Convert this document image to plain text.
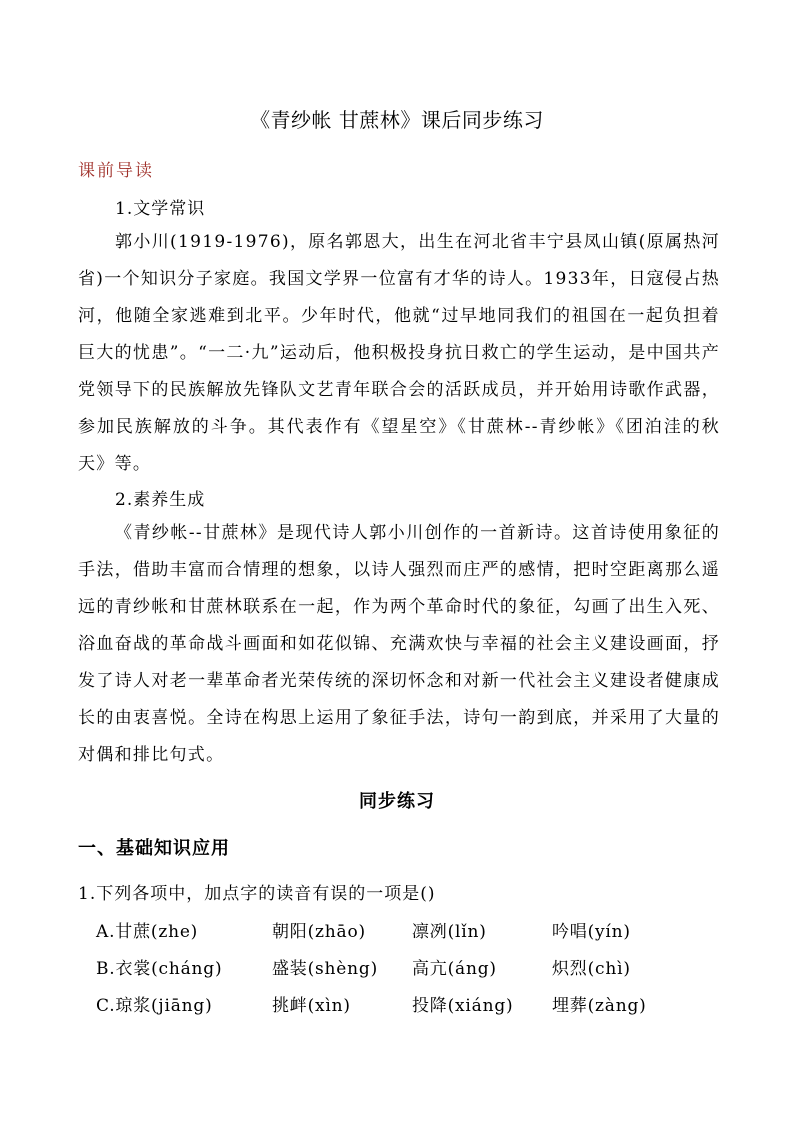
《青纱帐 甘蔗林》课后同步练习
课前导读
1.文学常识
郭小川(1919-1976)，原名郭恩大，出生在河北省丰宁县凤山镇(原属热河省)一个知识分子家庭。我国文学界一位富有才华的诗人。1933年，日寇侵占热河，他随全家逃难到北平。少年时代，他就“过早地同我们的祖国在一起负担着巨大的忧患”。“一二·九”运动后，他积极投身抗日救亡的学生运动，是中国共产党领导下的民族解放先锋队文艺青年联合会的活跃成员，并开始用诗歌作武器，参加民族解放的斗争。其代表作有《望星空》《甘蔗林--青纱帐》《团泊洼的秋天》等。
2.素养生成
《青纱帐--甘蔗林》是现代诗人郭小川创作的一首新诗。这首诗使用象征的手法，借助丰富而合情理的想象，以诗人强烈而庄严的感情，把时空距离那么遥远的青纱帐和甘蔗林联系在一起，作为两个革命时代的象征，勾画了出生入死、浴血奋战的革命战斗画面和如花似锦、充满欢快与幸福的社会主义建设画面，抒发了诗人对老一辈革命者光荣传统的深切怀念和对新一代社会主义建设者健康成长的由衷喜悦。全诗在构思上运用了象征手法，诗句一韵到底，并采用了大量的对偶和排比句式。
同步练习
一、基础知识应用
1.下列各项中，加点字的读音有误的一项是()
A.甘蔗(zhe)	朝阳(zhāo)	凛冽(lǐn)	吟唱(yín)
B.衣裳(cháng)	盛装(shèng) 高亢(áng)	炽烈(chì)
C.琼浆(jiāng)	挑衅(xìn)	投降(xiáng) 埋葬(zàng)
